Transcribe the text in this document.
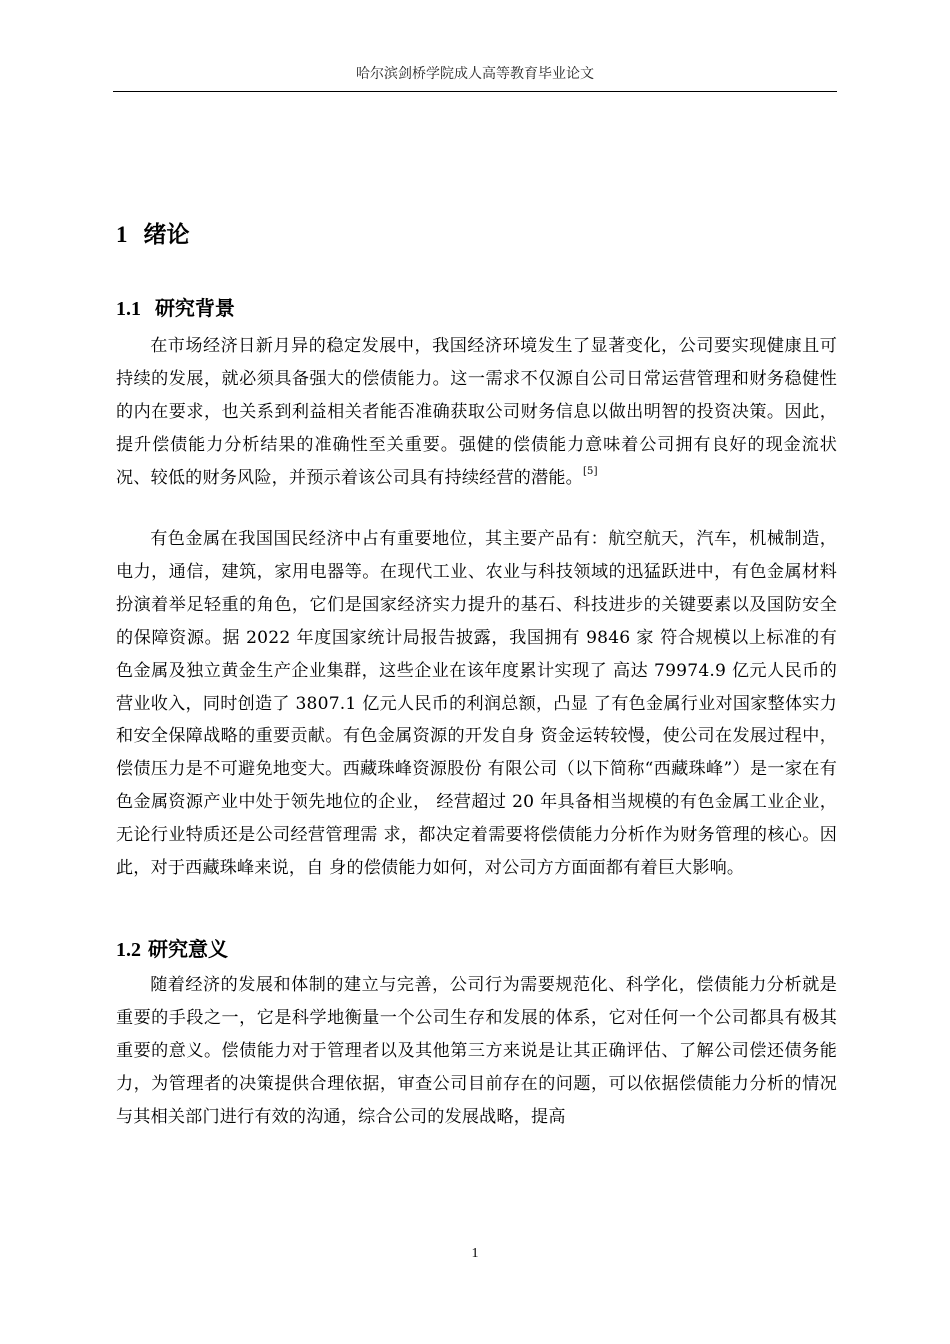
哈尔滨剑桥学院成人高等教育毕业论文
1 绪论
1.1 研究背景

在市场经济日新月异的稳定发展中，我国经济环境发生了显著变化，公司要实现健康且可持续的发展，就必须具备强大的偿债能力。这一需求不仅源自公司日常运营管理和财务稳健性的内在要求，也关系到利益相关者能否准确获取公司财务信息以做出明智的投资决策。因此，提升偿债能力分析结果的准确性至关重要。强健的偿债能力意味着公司拥有良好的现金流状况、较低的财务风险，并预示着该公司具有持续经营的潜能。[5]

有色金属在我国国民经济中占有重要地位，其主要产品有：航空航天，汽车，机械制造，电力，通信，建筑，家用电器等。在现代工业、农业与科技领域的迅猛跃进中，有色金属材料扮演着举足轻重的角色，它们是国家经济实力提升的基石、科技进步的关键要素以及国防安全的保障资源。据 2022 年度国家统计局报告披露，我国拥有 9846 家 符合规模以上标准的有色金属及独立黄金生产企业集群，这些企业在该年度累计实现了 高达 79974.9 亿元人民币的营业收入，同时创造了 3807.1 亿元人民币的利润总额，凸显 了有色金属行业对国家整体实力和安全保障战略的重要贡献。有色金属资源的开发自身 资金运转较慢，使公司在发展过程中，偿债压力是不可避免地变大。西藏珠峰资源股份 有限公司（以下简称“西藏珠峰”）是一家在有色金属资源产业中处于领先地位的企业， 经营超过 20 年具备相当规模的有色金属工业企业，无论行业特质还是公司经营管理需 求，都决定着需要将偿债能力分析作为财务管理的核心。因此，对于西藏珠峰来说，自 身的偿债能力如何，对公司方方面面都有着巨大影响。

1.2 研究意义

随着经济的发展和体制的建立与完善，公司行为需要规范化、科学化，偿债能力分析就是重要的手段之一，它是科学地衡量一个公司生存和发展的体系，它对任何一个公司都具有极其重要的意义。偿债能力对于管理者以及其他第三方来说是让其正确评估、了解公司偿还债务能力，为管理者的决策提供合理依据，审查公司目前存在的问题，可以依据偿债能力分析的情况与其相关部门进行有效的沟通，综合公司的发展战略，提高

1
